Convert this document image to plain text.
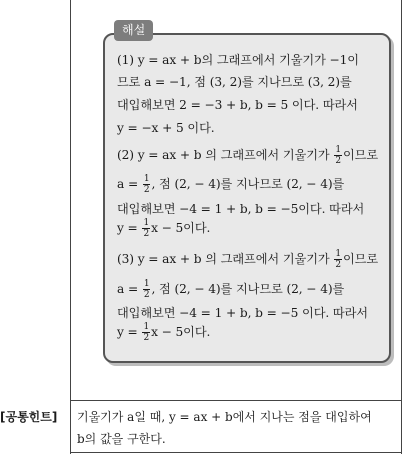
해설
(1) y = ax + b의 그래프에서 기울기가 −1이
므로 a = −1, 점 (3, 2)를 지나므로 (3, 2)를
대입해보면 2 = −3 + b, b = 5 이다. 따라서
y = −x + 5 이다.
(2) y = ax + b 의 그래프에서 기울기가 $\frac{1}{2}$ 이므로
$a = \frac{1}{2}$ , 점 (2, − 4)를 지나므로 (2, − 4)를
대입해보면 −4 = 1 + b, b = −5이다. 따라서
$y = \frac{1}{2}$ x − 5이다.
(3) y = ax + b 의 그래프에서 기울기가 $\frac{1}{2}$ 이므로
$a = \frac{1}{2}$ , 점 (2, − 4)를 지나므로 (2, − 4)를
대입해보면 −4 = 1 + b, b = −5 이다. 따라서
$y = \frac{1}{2}$ x − 5이다.
[공통힌트] 기울기가 a일 때, y = ax + b에서 지나는 점을 대입하여
b의 값을 구한다.
